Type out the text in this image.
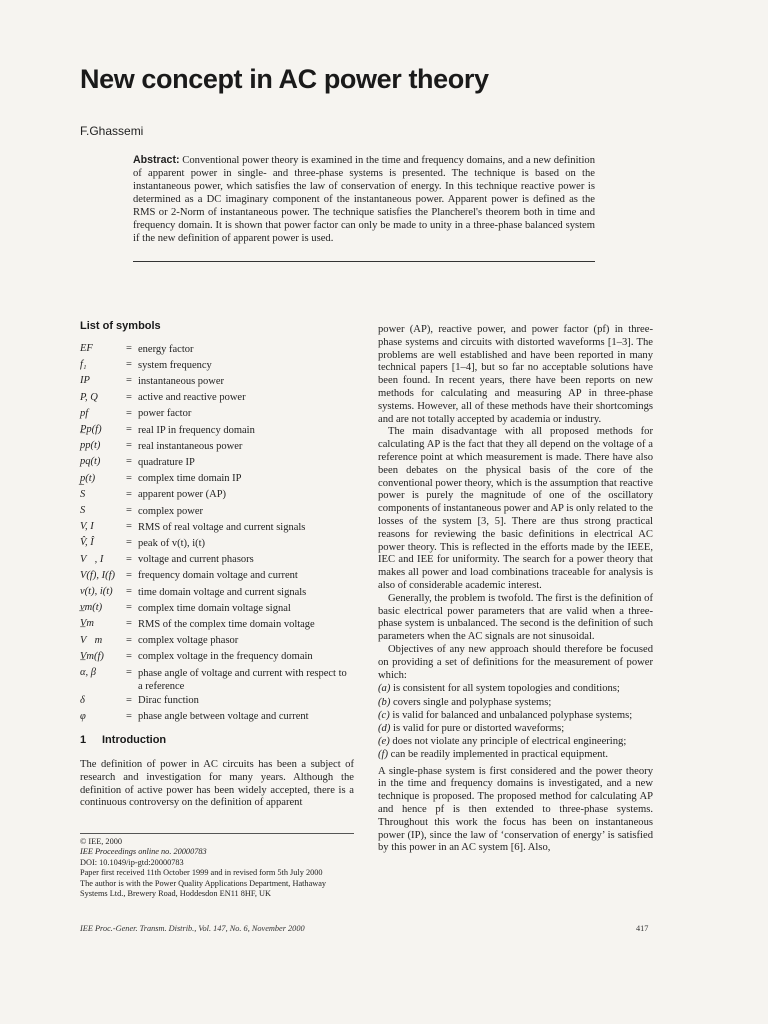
New concept in AC power theory
F.Ghassemi
Abstract: Conventional power theory is examined in the time and frequency domains, and a new definition of apparent power in single- and three-phase systems is presented. The technique is based on the instantaneous power, which satisfies the law of conservation of energy. In this technique reactive power is determined as a DC imaginary component of the instantaneous power. Apparent power is defined as the RMS or 2-Norm of instantaneous power. The technique satisfies the Plancherel's theorem both in time and frequency domain. It is shown that power factor can only be made to unity in a three-phase balanced system if the new definition of apparent power is used.
List of symbols
EF	= energy factor
f₁	= system frequency
IP	= instantaneous power
P, Q	= active and reactive power
pf	= power factor
P̲p(f)	= real IP in frequency domain
pp(t)	= real instantaneous power
pq(t)	= quadrature IP
p̲(t)	= complex time domain IP
S	= apparent power (AP)
S⃗	= complex power
V, I	= RMS of real voltage and current signals
V̂, Î	= peak of v(t), i(t)
V⃗, I⃗	= voltage and current phasors
V(f), I(f)	= frequency domain voltage and current
v(t), i(t)	= time domain voltage and current signals
v̲m(t)	= complex time domain voltage signal
V̲m	= RMS of the complex time domain voltage
V⃗m	= complex voltage phasor
V̲m(f)	= complex voltage in the frequency domain
α, β	= phase angle of voltage and current with respect to a reference
δ	= Dirac function
φ	= phase angle between voltage and current
1 Introduction
The definition of power in AC circuits has been a subject of research and investigation for many years. Although the definition of active power has been widely accepted, there is a continuous controversy on the definition of apparent

© IEE, 2000

IEE Proceedings online no. 20000783

DOI: 10.1049/ip-gtd:20000783

Paper first received 11th October 1999 and in revised form 5th July 2000

The author is with the Power Quality Applications Department, Hathaway Systems Ltd., Brewery Road, Hoddesdon EN11 8HF, UK

power (AP), reactive power, and power factor (pf) in three-phase systems and circuits with distorted waveforms [1–3]. The problems are well established and have been reported in many technical papers [1–4], but so far no acceptable solutions have been found. In recent years, there have been reports on new methods for calculating and measuring AP in three-phase systems. However, all of these methods have their shortcomings and are not totally accepted by academia or industry.

The main disadvantage with all proposed methods for calculating AP is the fact that they all depend on the voltage of a reference point at which measurement is made. There have also been debates on the physical basis of the core of the conventional power theory, which is the assumption that reactive power is purely the magnitude of one of the oscillatory components of instantaneous power and AP is only related to the losses of the system [3, 5]. There are thus strong practical reasons for reviewing the basic definitions in electrical AC power theory. This is reflected in the efforts made by the IEEE, IEC and IEE for uniformity. The search for a power theory that makes all power and load combinations traceable for analysis is also of considerable academic interest.

Generally, the problem is twofold. The first is the definition of basic electrical power parameters that are valid when a three-phase system is unbalanced. The second is the definition of such parameters when the AC signals are not sinusoidal.

Objectives of any new approach should therefore be focused on providing a set of definitions for the measurement of power which:

(a) is consistent for all system topologies and conditions;

(b) covers single and polyphase systems;

(c) is valid for balanced and unbalanced polyphase systems;

(d) is valid for pure or distorted waveforms;

(e) does not violate any principle of electrical engineering;

(f) can be readily implemented in practical equipment.

A single-phase system is first considered and the power theory in the time and frequency domains is investigated, and a new technique is proposed. The proposed method for calculating AP and hence pf is then extended to three-phase systems. Throughout this work the focus has been on instantaneous power (IP), since the law of ‘conservation of energy’ is satisfied by this power in an AC system [6]. Also,

IEE Proc.-Gener. Transm. Distrib., Vol. 147, No. 6, November 2000	417
